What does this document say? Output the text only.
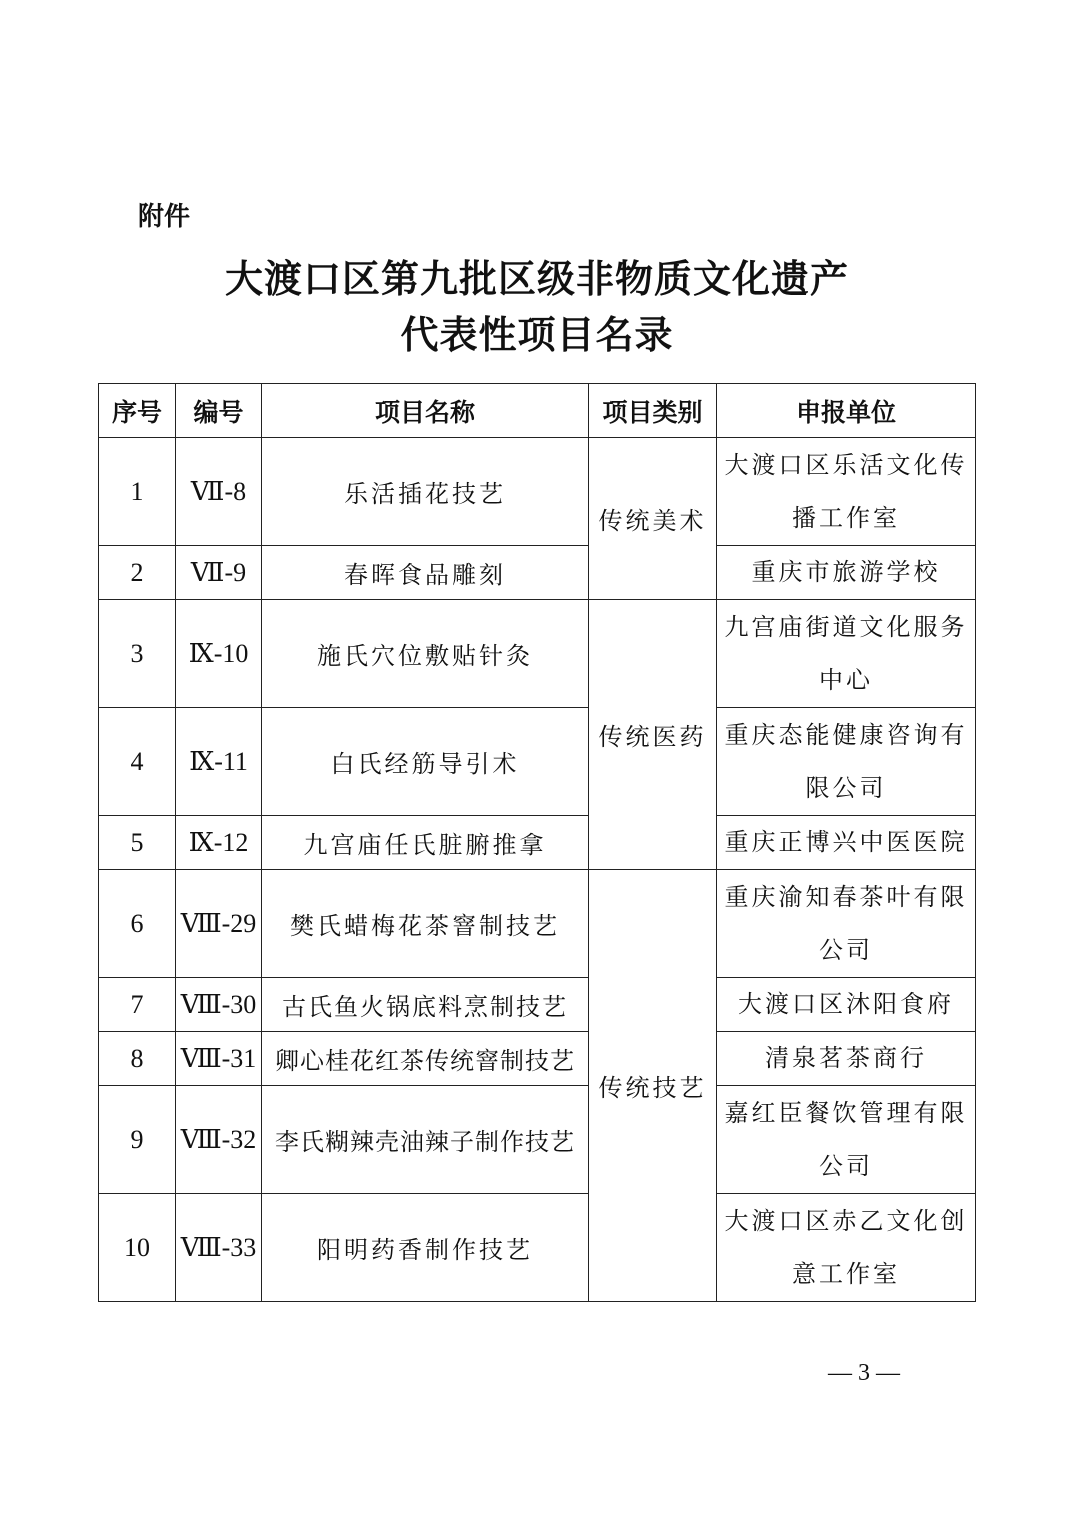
附件
大渡口区第九批区级非物质文化遗产
代表性项目名录
序号	编号	项目名称	项目类别	申报单位
1	Ⅶ-8	乐活插花技艺	传统美术	大渡口区乐活文化传播工作室
2	Ⅶ-9	春晖食品雕刻		重庆市旅游学校
3	Ⅸ-10	施氏穴位敷贴针灸	传统医药	九宫庙街道文化服务中心
4	Ⅸ-11	白氏经筋导引术		重庆态能健康咨询有限公司
5	Ⅸ-12	九宫庙任氏脏腑推拿		重庆正博兴中医医院
6	Ⅷ-29	樊氏蜡梅花茶窨制技艺	传统技艺	重庆渝知春茶叶有限公司
7	Ⅷ-30	古氏鱼火锅底料烹制技艺		大渡口区沐阳食府
8	Ⅷ-31	卿心桂花红茶传统窨制技艺		清泉茗茶商行
9	Ⅷ-32	李氏糊辣壳油辣子制作技艺		嘉红臣餐饮管理有限公司
10	Ⅷ-33	阳明药香制作技艺		大渡口区赤乙文化创意工作室
— 3 —
